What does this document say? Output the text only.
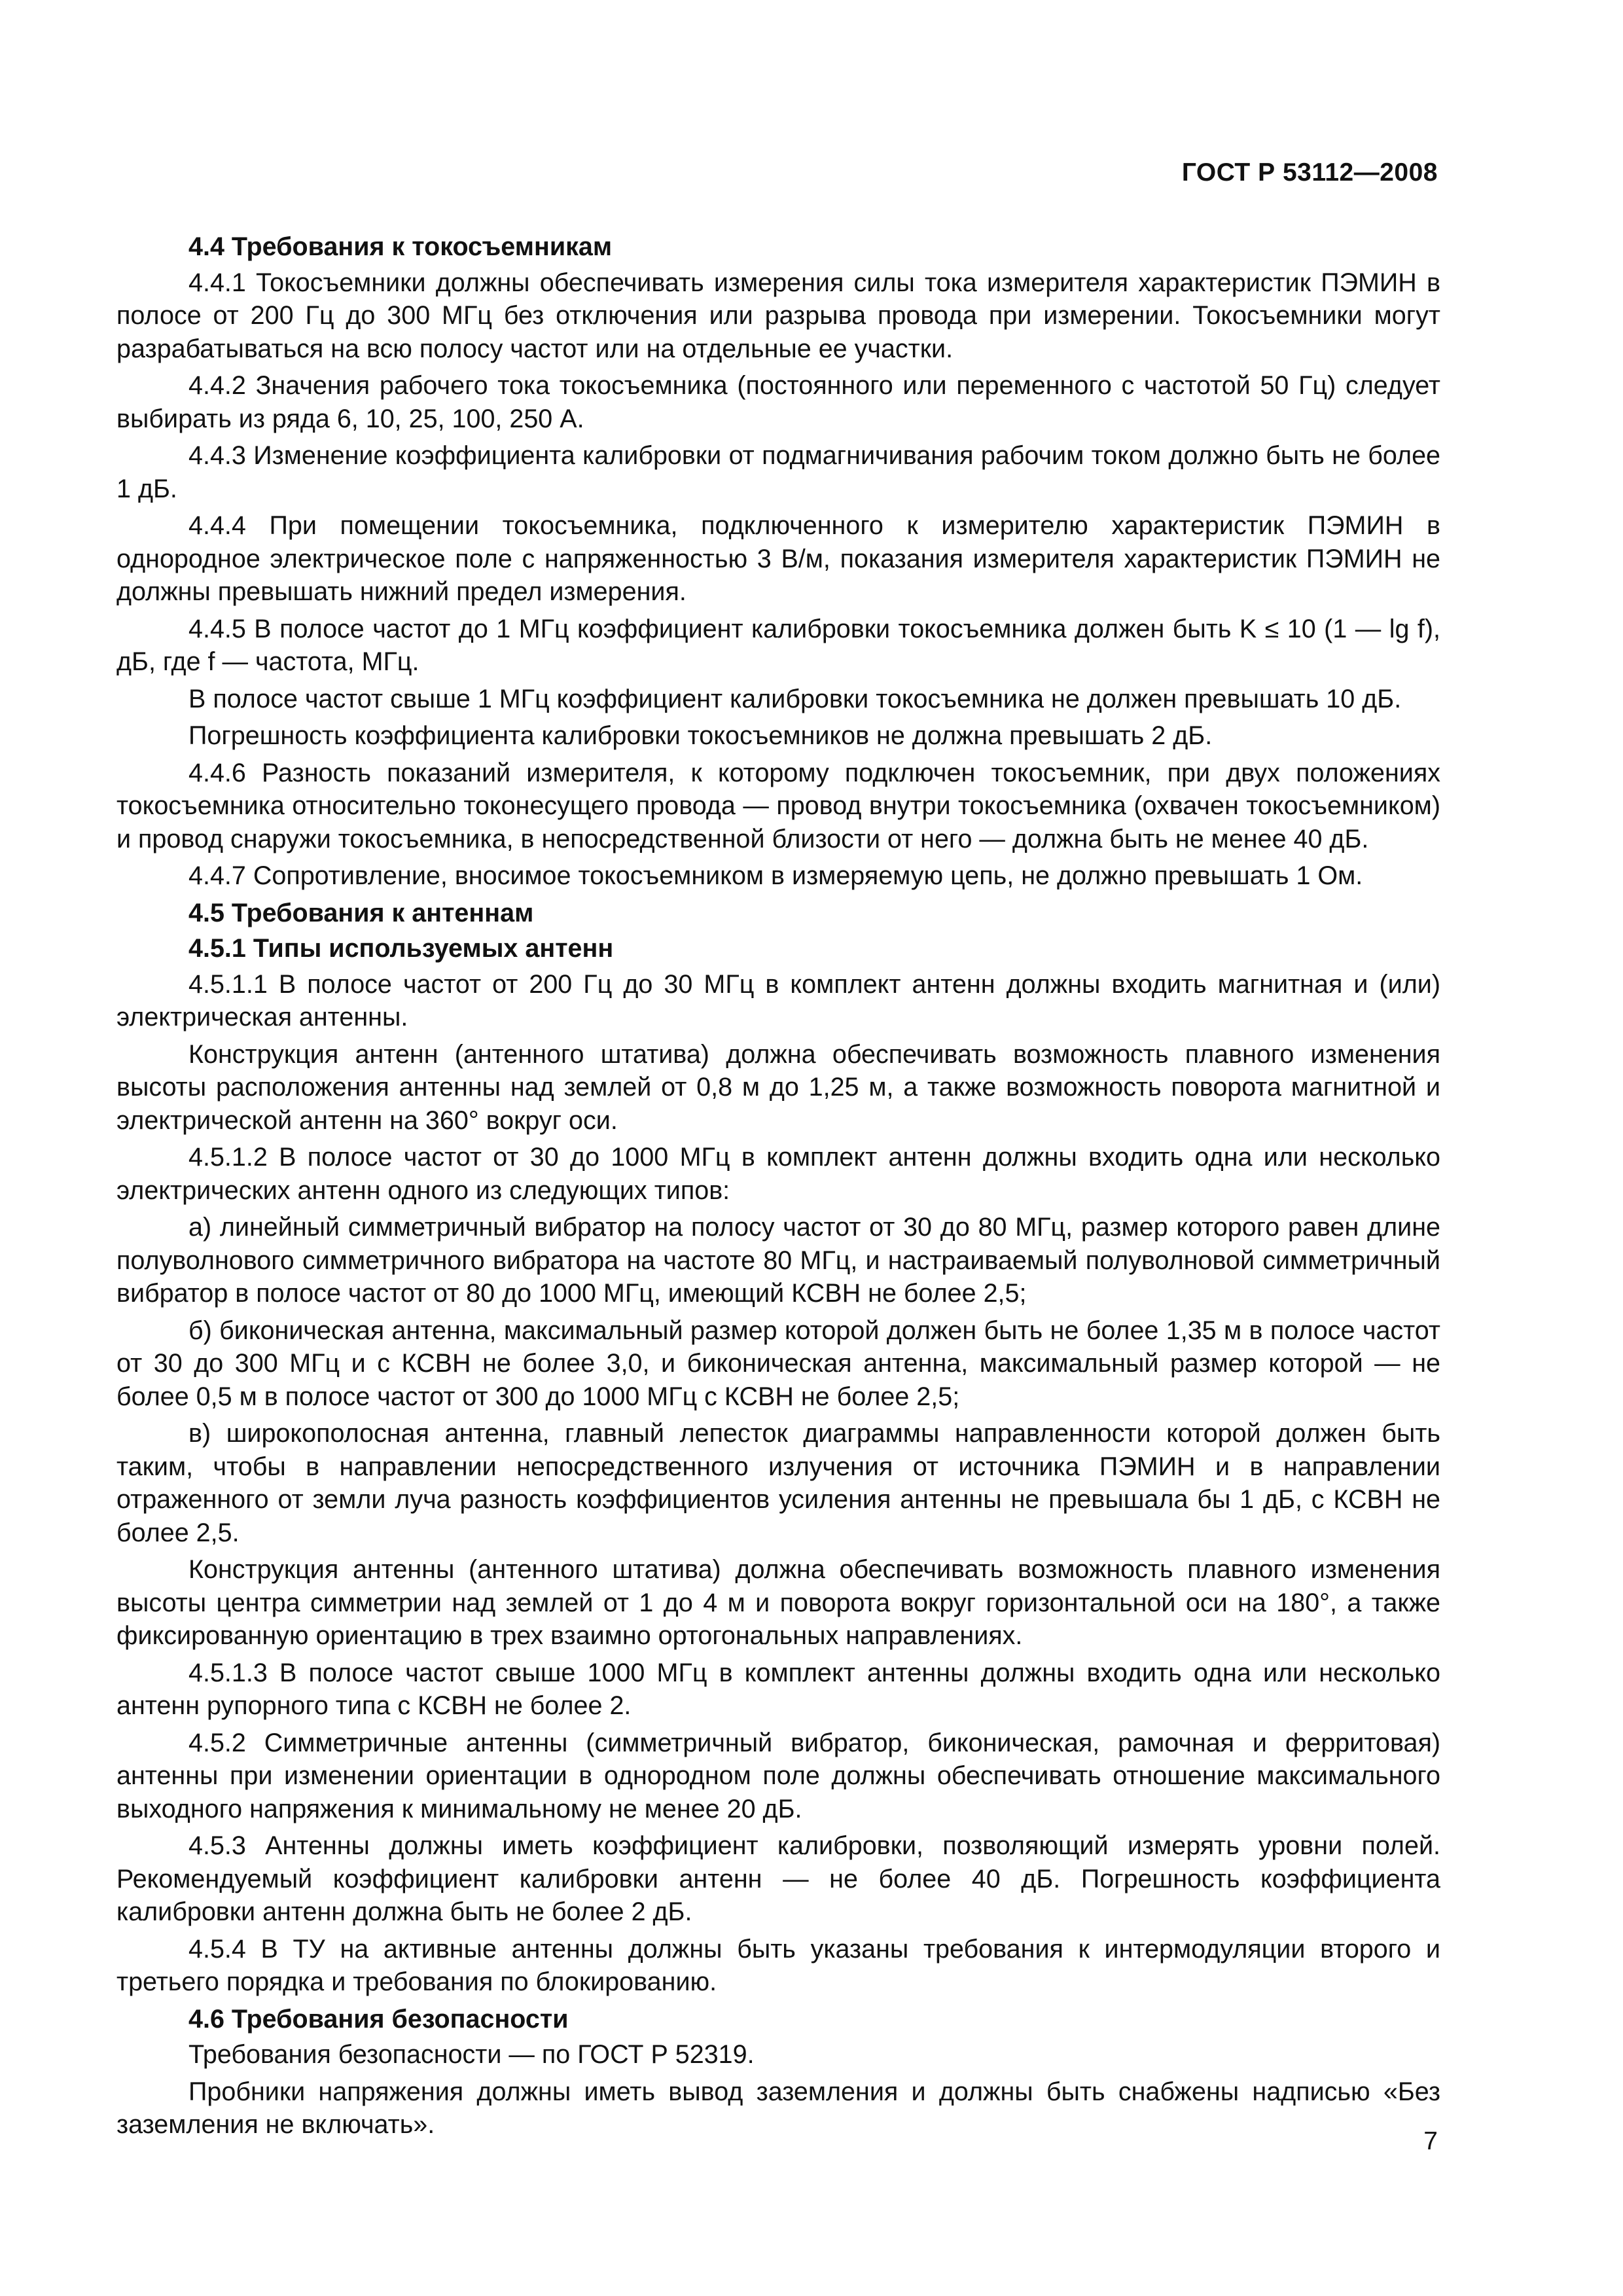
ГОСТ Р 53112—2008

4.4 Требования к токосъемникам

4.4.1 Токосъемники должны обеспечивать измерения силы тока измерителя характеристик ПЭМИН в полосе от 200 Гц до 300 МГц без отключения или разрыва провода при измерении. Токосъемники могут разрабатываться на всю полосу частот или на отдельные ее участки.

4.4.2 Значения рабочего тока токосъемника (постоянного или переменного с частотой 50 Гц) следует выбирать из ряда 6, 10, 25, 100, 250 А.

4.4.3 Изменение коэффициента калибровки от подмагничивания рабочим током должно быть не более 1 дБ.

4.4.4 При помещении токосъемника, подключенного к измерителю характеристик ПЭМИН в однородное электрическое поле с напряженностью 3 В/м, показания измерителя характеристик ПЭМИН не должны превышать нижний предел измерения.

4.4.5 В полосе частот до 1 МГц коэффициент калибровки токосъемника должен быть K ≤ 10 (1 — lg f), дБ, где f — частота, МГц.

В полосе частот свыше 1 МГц коэффициент калибровки токосъемника не должен превышать 10 дБ.

Погрешность коэффициента калибровки токосъемников не должна превышать 2 дБ.

4.4.6 Разность показаний измерителя, к которому подключен токосъемник, при двух положениях токосъемника относительно токонесущего провода — провод внутри токосъемника (охвачен токосъемником) и провод снаружи токосъемника, в непосредственной близости от него — должна быть не менее 40 дБ.

4.4.7 Сопротивление, вносимое токосъемником в измеряемую цепь, не должно превышать 1 Ом.

4.5 Требования к антеннам

4.5.1 Типы используемых антенн

4.5.1.1 В полосе частот от 200 Гц до 30 МГц в комплект антенн должны входить магнитная и (или) электрическая антенны.

Конструкция антенн (антенного штатива) должна обеспечивать возможность плавного изменения высоты расположения антенны над землей от 0,8 м до 1,25 м, а также возможность поворота магнитной и электрической антенн на 360° вокруг оси.

4.5.1.2 В полосе частот от 30 до 1000 МГц в комплект антенн должны входить одна или несколько электрических антенн одного из следующих типов:

а) линейный симметричный вибратор на полосу частот от 30 до 80 МГц, размер которого равен длине полуволнового симметричного вибратора на частоте 80 МГц, и настраиваемый полуволновой симметричный вибратор в полосе частот от 80 до 1000 МГц, имеющий КСВН не более 2,5;

б) биконическая антенна, максимальный размер которой должен быть не более 1,35 м в полосе частот от 30 до 300 МГц и с КСВН не более 3,0, и биконическая антенна, максимальный размер которой — не более 0,5 м в полосе частот от 300 до 1000 МГц с КСВН не более 2,5;

в) широкополосная антенна, главный лепесток диаграммы направленности которой должен быть таким, чтобы в направлении непосредственного излучения от источника ПЭМИН и в направлении отраженного от земли луча разность коэффициентов усиления антенны не превышала бы 1 дБ, с КСВН не более 2,5.

Конструкция антенны (антенного штатива) должна обеспечивать возможность плавного изменения высоты центра симметрии над землей от 1 до 4 м и поворота вокруг горизонтальной оси на 180°, а также фиксированную ориентацию в трех взаимно ортогональных направлениях.

4.5.1.3 В полосе частот свыше 1000 МГц в комплект антенны должны входить одна или несколько антенн рупорного типа с КСВН не более 2.

4.5.2 Симметричные антенны (симметричный вибратор, биконическая, рамочная и ферритовая) антенны при изменении ориентации в однородном поле должны обеспечивать отношение максимального выходного напряжения к минимальному не менее 20 дБ.

4.5.3 Антенны должны иметь коэффициент калибровки, позволяющий измерять уровни полей. Рекомендуемый коэффициент калибровки антенн — не более 40 дБ. Погрешность коэффициента калибровки антенн должна быть не более 2 дБ.

4.5.4 В ТУ на активные антенны должны быть указаны требования к интермодуляции второго и третьего порядка и требования по блокированию.

4.6 Требования безопасности

Требования безопасности — по ГОСТ Р 52319.

Пробники напряжения должны иметь вывод заземления и должны быть снабжены надписью «Без заземления не включать».

7
